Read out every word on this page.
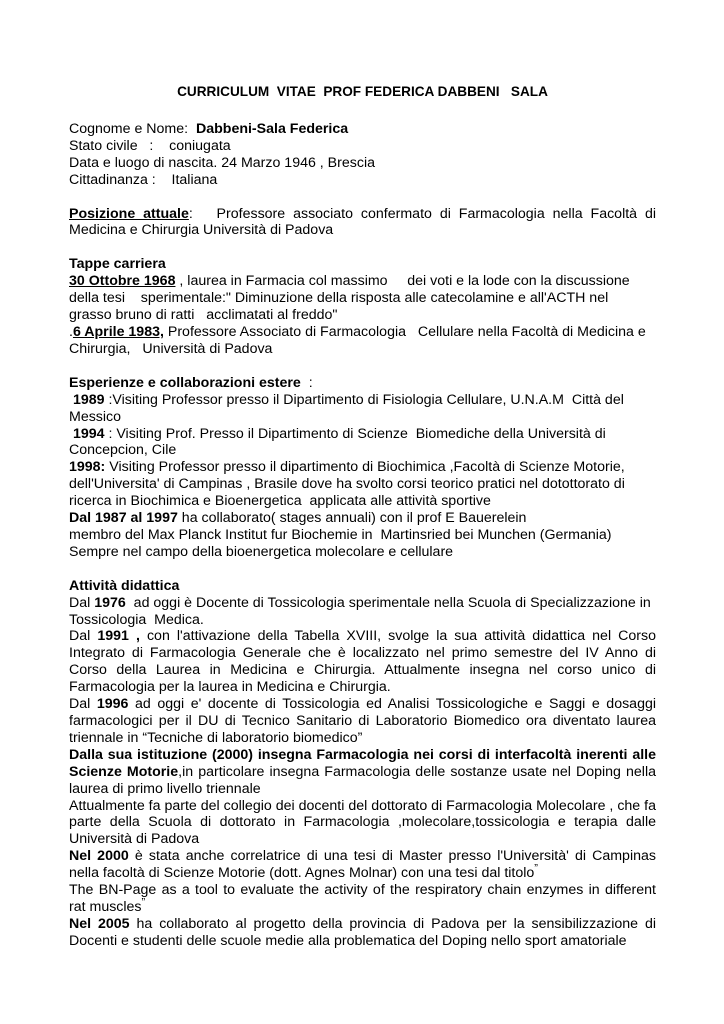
CURRICULUM  VITAE  PROF FEDERICA DABBENI   SALA

Cognome e Nome:  Dabbeni-Sala Federica

Stato civile   :    coniugata

Data e luogo di nascita. 24 Marzo 1946 , Brescia

Cittadinanza :    Italiana

Posizione attuale:   Professore associato confermato di Farmacologia nella Facoltà di Medicina e Chirurgia Università di Padova

Tappe carriera

30 Ottobre 1968 , laurea in Farmacia col massimo     dei voti e la lode con la discussione

della tesi    sperimentale:" Diminuzione della risposta alle catecolamine e all'ACTH nel

grasso bruno di ratti   acclimatati al freddo"

.6 Aprile 1983, Professore Associato di Farmacologia   Cellulare nella Facoltà di Medicina e Chirurgia,   Università di Padova

Esperienze e collaborazioni estere  :

1989 :Visiting Professor presso il Dipartimento di Fisiologia Cellulare, U.N.A.M  Città del

Messico

1994 : Visiting Prof. Presso il Dipartimento di Scienze  Biomediche della Università di

Concepcion, Cile

1998: Visiting Professor presso il dipartimento di Biochimica ,Facoltà di Scienze Motorie,

dell'Universita' di Campinas , Brasile dove ha svolto corsi teorico pratici nel dotottorato di

ricerca in Biochimica e Bioenergetica  applicata alle attività sportive

Dal 1987 al 1997 ha collaborato( stages annuali) con il prof E Bauerelein

membro del Max Planck Institut fur Biochemie in  Martinsried bei Munchen (Germania)

Sempre nel campo della bioenergetica molecolare e cellulare

Attività didattica

Dal 1976  ad oggi è Docente di Tossicologia sperimentale nella Scuola di Specializzazione in Tossicologia  Medica.

Dal 1991 , con l'attivazione della Tabella XVIII, svolge la sua attività didattica nel Corso Integrato di Farmacologia Generale che è localizzato nel primo semestre del IV Anno di Corso della Laurea in Medicina e Chirurgia. Attualmente insegna nel corso unico di Farmacologia per la laurea in Medicina e Chirurgia.

Dal 1996 ad oggi e' docente di Tossicologia ed Analisi Tossicologiche e Saggi e dosaggi farmacologici per il DU di Tecnico Sanitario di Laboratorio Biomedico ora diventato laurea triennale in “Tecniche di laboratorio biomedico”

Dalla sua istituzione (2000) insegna Farmacologia nei corsi di interfacoltà inerenti alle Scienze Motorie,in particolare insegna Farmacologia delle sostanze usate nel Doping nella laurea di primo livello triennale

Attualmente fa parte del collegio dei docenti del dottorato di Farmacologia Molecolare , che fa parte della Scuola di dottorato in Farmacologia ,molecolare,tossicologia e terapia dalle Università di Padova

Nel 2000 è stata anche correlatrice di una tesi di Master presso l'Università' di Campinas nella facoltà di Scienze Motorie (dott. Agnes Molnar) con una tesi dal titolo”

The BN-Page as a tool to evaluate the activity of the respiratory chain enzymes in different rat muscles”

Nel 2005 ha collaborato al progetto della provincia di Padova per la sensibilizzazione di Docenti e studenti delle scuole medie alla problematica del Doping nello sport amatoriale
